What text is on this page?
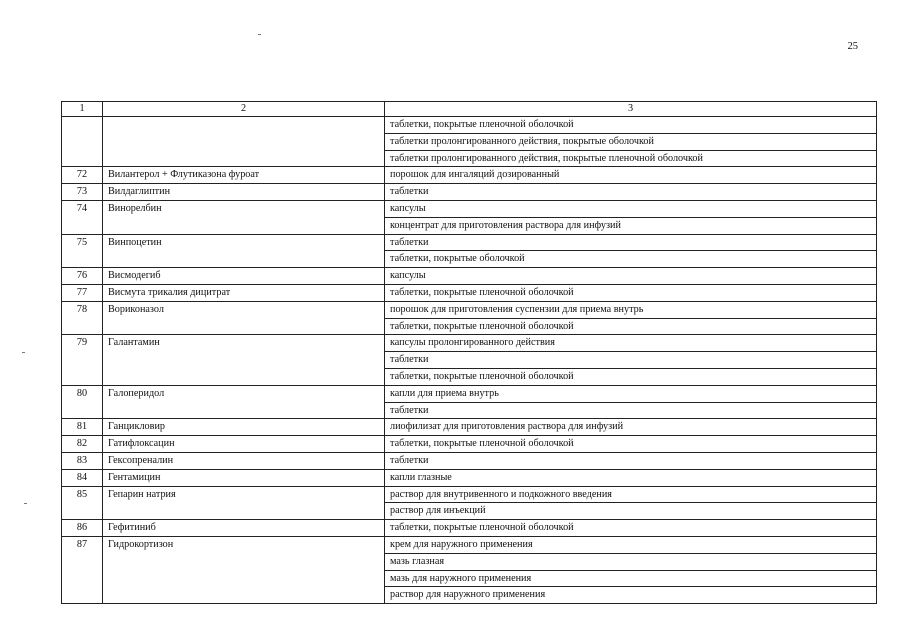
25
1	2	3
		таблетки, покрытые пленочной оболочкой
		таблетки пролонгированного действия, покрытые оболочкой
		таблетки пролонгированного действия, покрытые пленочной оболочкой
72	Вилантерол + Флутиказона фуроат	порошок для ингаляций дозированный
73	Вилдаглиптин	таблетки
74	Винорелбин	капсулы
		концентрат для приготовления раствора для инфузий
75	Винпоцетин	таблетки
		таблетки, покрытые оболочкой
76	Висмодегиб	капсулы
77	Висмута трикалия дицитрат	таблетки, покрытые пленочной оболочкой
78	Вориконазол	порошок для приготовления суспензии для приема внутрь
		таблетки, покрытые пленочной оболочкой
79	Галантамин	капсулы пролонгированного действия
		таблетки
		таблетки, покрытые пленочной оболочкой
80	Галоперидол	капли для приема внутрь
		таблетки
81	Ганцикловир	лиофилизат для приготовления раствора для инфузий
82	Гатифлоксацин	таблетки, покрытые пленочной оболочкой
83	Гексопреналин	таблетки
84	Гентамицин	капли глазные
85	Гепарин натрия	раствор для внутривенного и подкожного введения
		раствор для инъекций
86	Гефитиниб	таблетки, покрытые пленочной оболочкой
87	Гидрокортизон	крем для наружного применения
		мазь глазная
		мазь для наружного применения
		раствор для наружного применения
